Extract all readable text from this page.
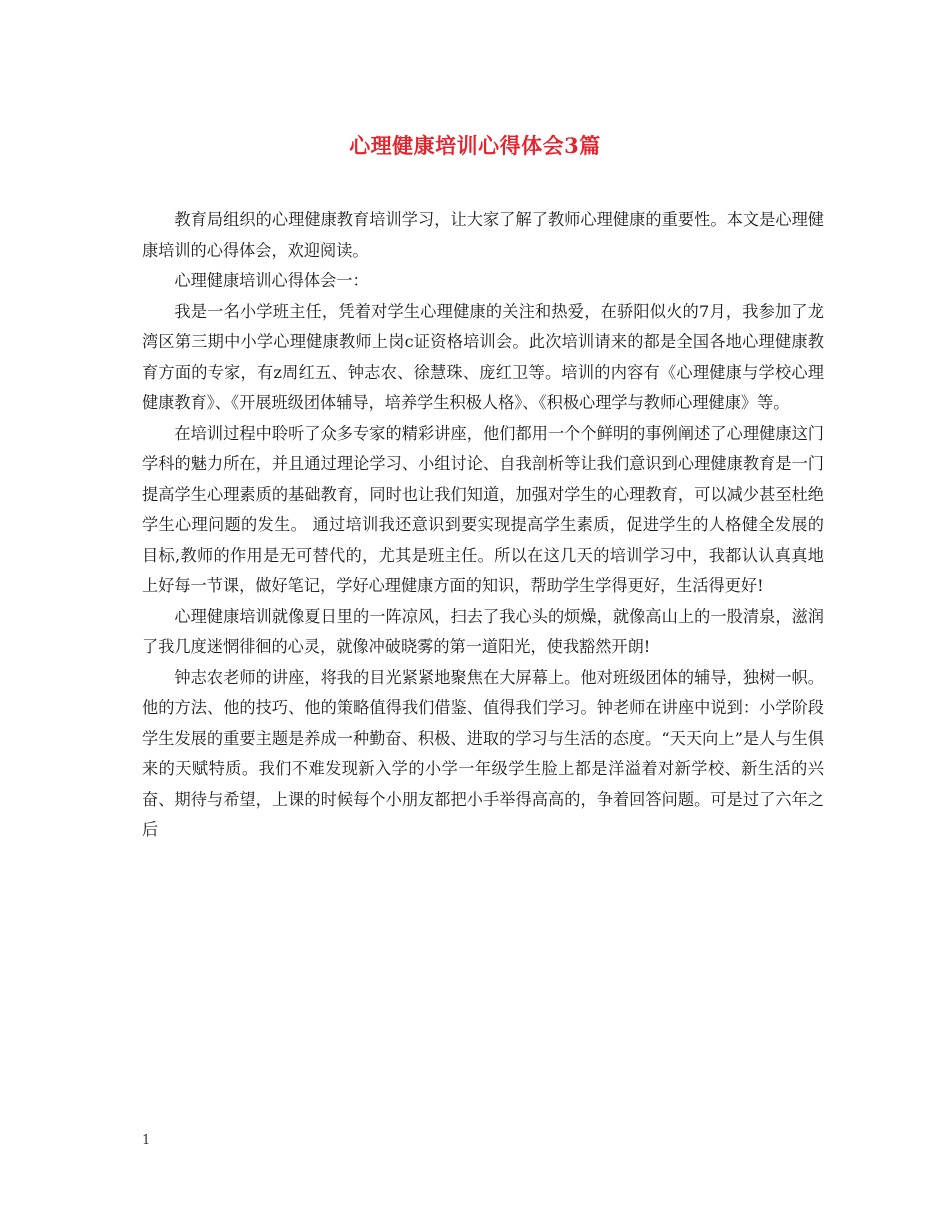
心理健康培训心得体会3篇

教育局组织的心理健康教育培训学习，让大家了解了教师心理健康的重要性。本文是心理健康培训的心得体会，欢迎阅读。

心理健康培训心得体会一：

我是一名小学班主任，凭着对学生心理健康的关注和热爱，在骄阳似火的7月，我参加了龙湾区第三期中小学心理健康教师上岗c证资格培训会。此次培训请来的都是全国各地心理健康教育方面的专家，有z周红五、钟志农、徐慧珠、庞红卫等。培训的内容有《心理健康与学校心理健康教育》、《开展班级团体辅导，培养学生积极人格》、《积极心理学与教师心理健康》等。

在培训过程中聆听了众多专家的精彩讲座，他们都用一个个鲜明的事例阐述了心理健康这门学科的魅力所在，并且通过理论学习、小组讨论、自我剖析等让我们意识到心理健康教育是一门提高学生心理素质的基础教育，同时也让我们知道，加强对学生的心理教育，可以减少甚至杜绝学生心理问题的发生。 通过培训我还意识到要实现提高学生素质，促进学生的人格健全发展的目标,教师的作用是无可替代的，尤其是班主任。所以在这几天的培训学习中，我都认认真真地上好每一节课，做好笔记，学好心理健康方面的知识，帮助学生学得更好，生活得更好!

心理健康培训就像夏日里的一阵凉风，扫去了我心头的烦燥，就像高山上的一股清泉，滋润了我几度迷惘徘徊的心灵，就像冲破晓雾的第一道阳光，使我豁然开朗!

钟志农老师的讲座，将我的目光紧紧地聚焦在大屏幕上。他对班级团体的辅导，独树一帜。他的方法、他的技巧、他的策略值得我们借鉴、值得我们学习。钟老师在讲座中说到：小学阶段学生发展的重要主题是养成一种勤奋、积极、进取的学习与生活的态度。“天天向上”是人与生俱来的天赋特质。我们不难发现新入学的小学一年级学生脸上都是洋溢着对新学校、新生活的兴奋、期待与希望，上课的时候每个小朋友都把小手举得高高的，争着回答问题。可是过了六年之后

1
